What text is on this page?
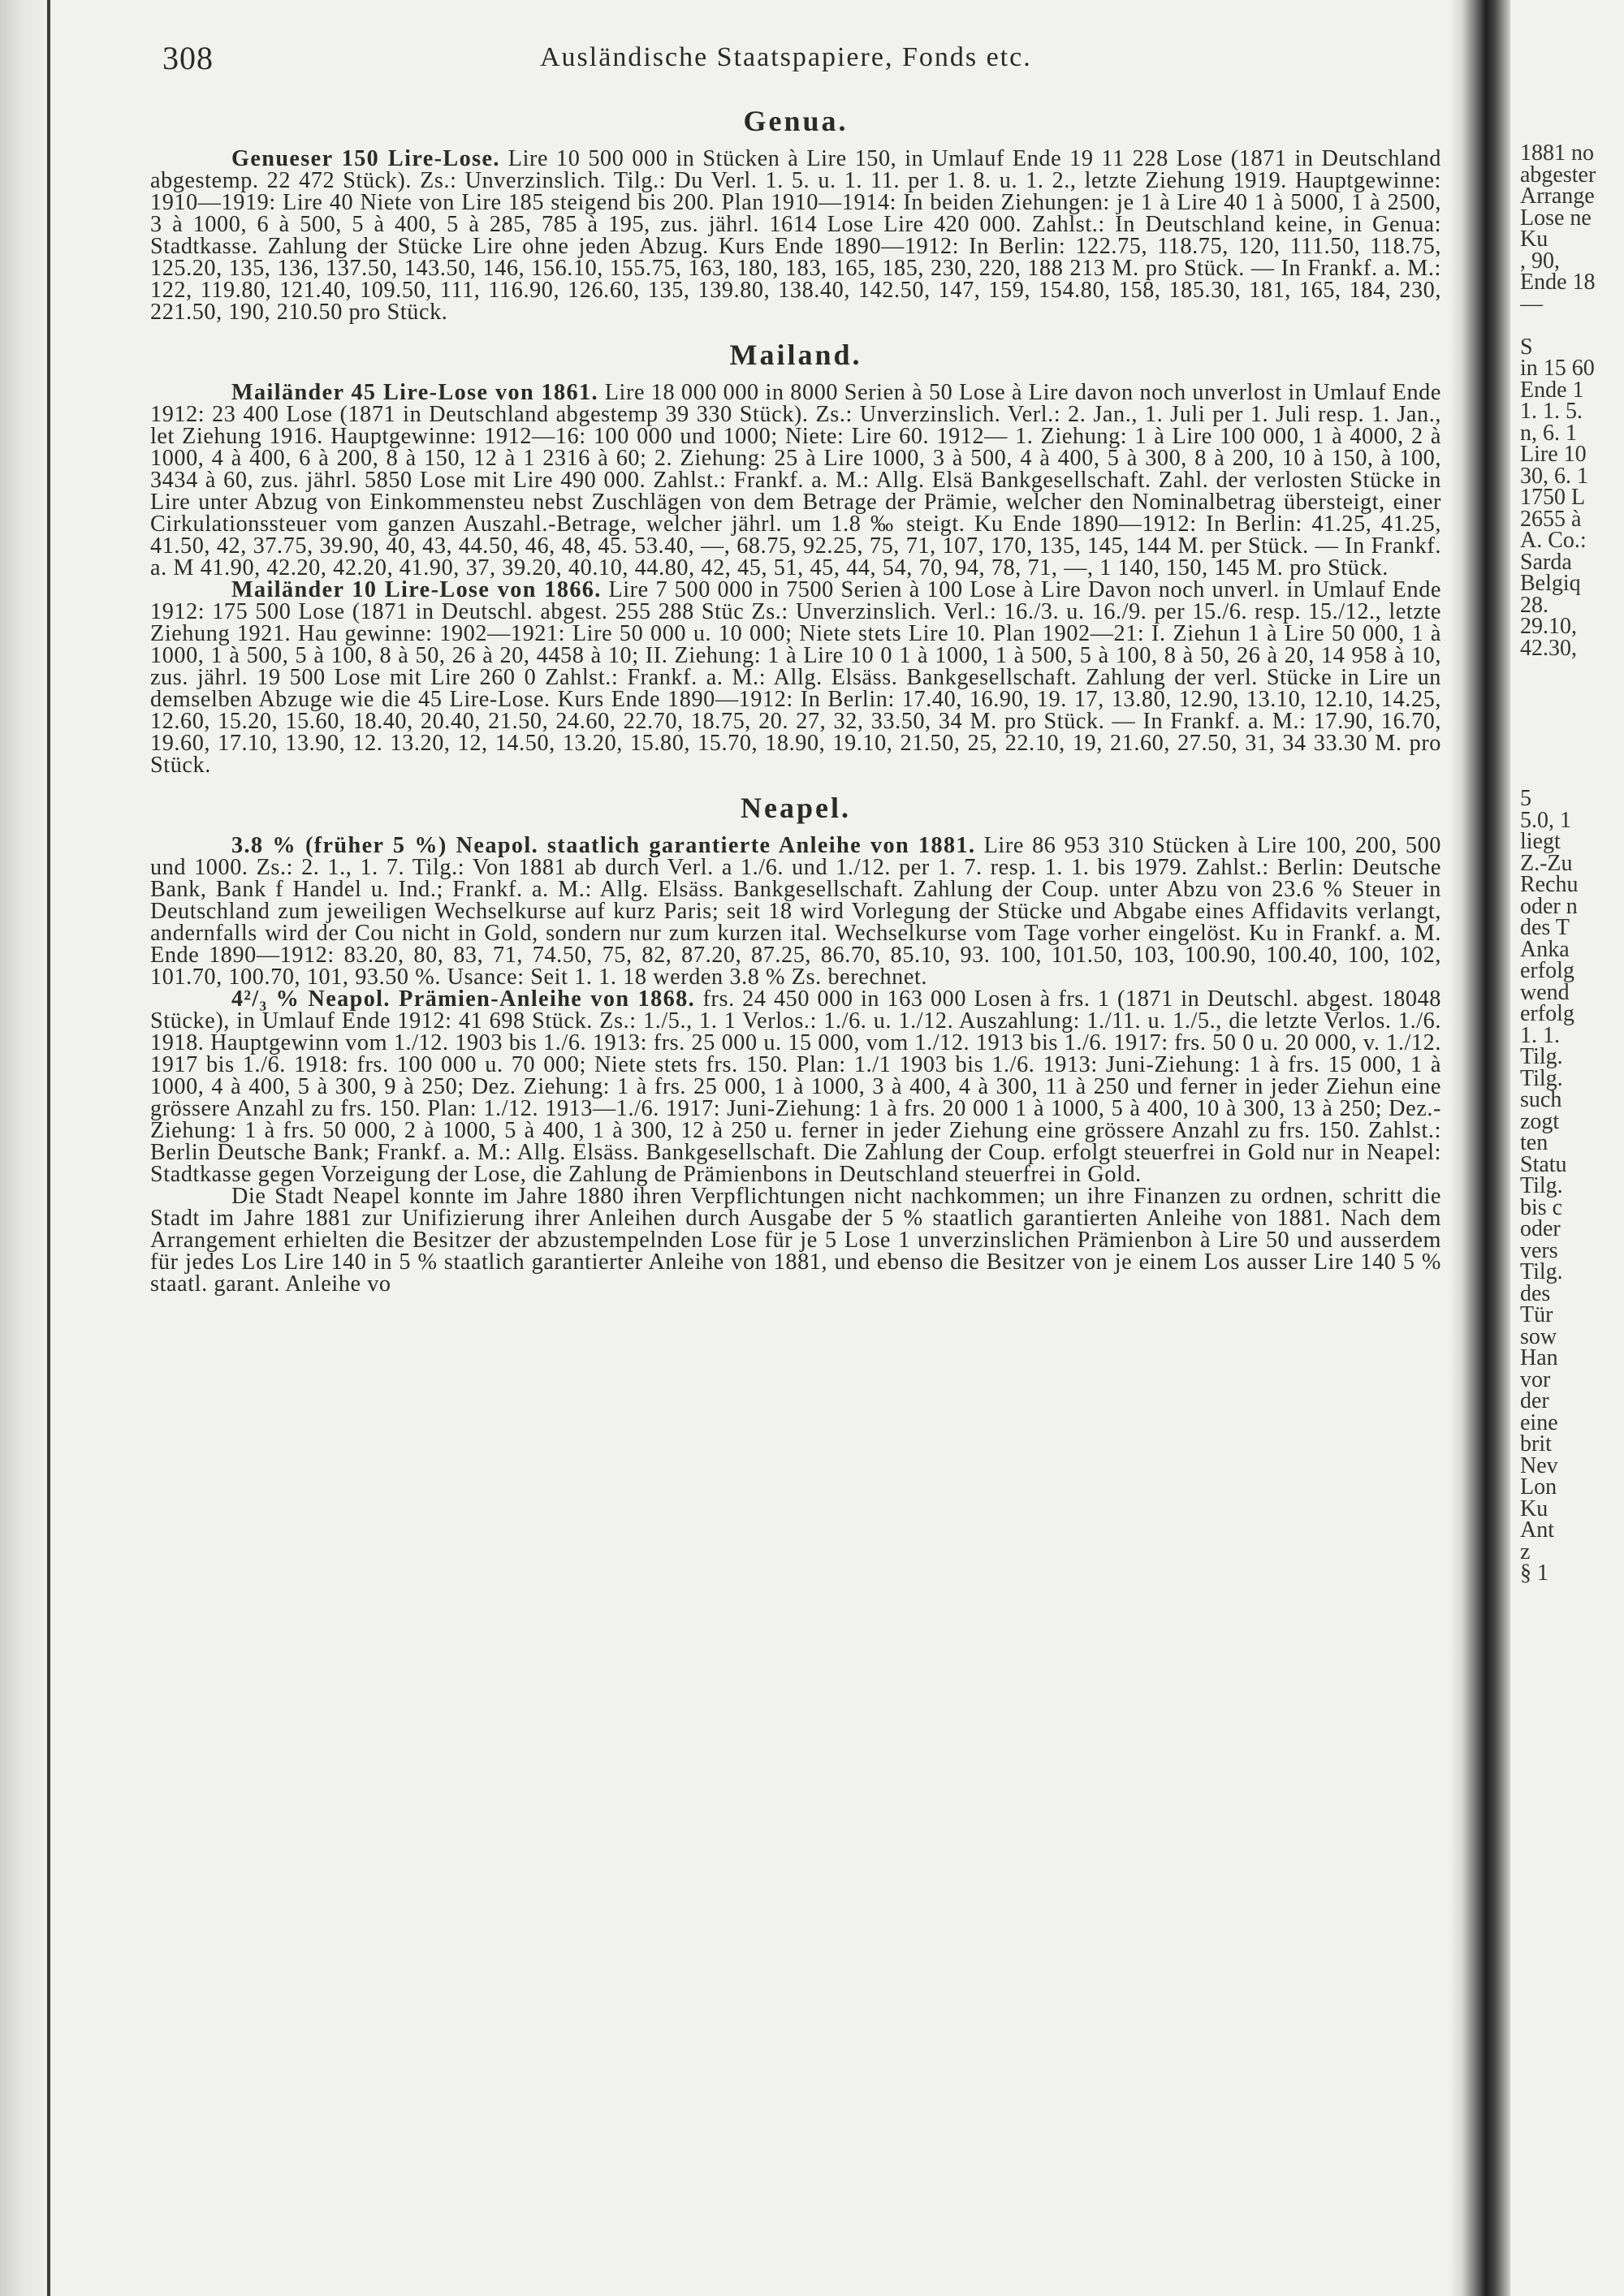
308	Ausländische Staatspapiere, Fonds etc.
Genua.

Genueser 150 Lire-Lose. Lire 10 500 000 in Stücken à Lire 150, in Umlauf Ende 19 11 228 Lose (1871 in Deutschland abgestemp. 22 472 Stück). Zs.: Unverzinslich. Tilg.: Du Verl. 1. 5. u. 1. 11. per 1. 8. u. 1. 2., letzte Ziehung 1919. Hauptgewinne: 1910—1919: Lire 40 Niete von Lire 185 steigend bis 200. Plan 1910—1914: In beiden Ziehungen: je 1 à Lire 40 1 à 5000, 1 à 2500, 3 à 1000, 6 à 500, 5 à 400, 5 à 285, 785 à 195, zus. jährl. 1614 Lose Lire 420 000. Zahlst.: In Deutschland keine, in Genua: Stadtkasse. Zahlung der Stücke Lire ohne jeden Abzug. Kurs Ende 1890—1912: In Berlin: 122.75, 118.75, 120, 111.50, 118.75, 125.20, 135, 136, 137.50, 143.50, 146, 156.10, 155.75, 163, 180, 183, 165, 185, 230, 220, 188 213 M. pro Stück. — In Frankf. a. M.: 122, 119.80, 121.40, 109.50, 111, 116.90, 126.60, 135, 139.80, 138.40, 142.50, 147, 159, 154.80, 158, 185.30, 181, 165, 184, 230, 221.50, 190, 210.50 pro Stück.

Mailand.

Mailänder 45 Lire-Lose von 1861. Lire 18 000 000 in 8000 Serien à 50 Lose à Lire davon noch unverlost in Umlauf Ende 1912: 23 400 Lose (1871 in Deutschland abgestemp 39 330 Stück). Zs.: Unverzinslich. Verl.: 2. Jan., 1. Juli per 1. Juli resp. 1. Jan., let Ziehung 1916. Hauptgewinne: 1912—16: 100 000 und 1000; Niete: Lire 60. 1912— 1. Ziehung: 1 à Lire 100 000, 1 à 4000, 2 à 1000, 4 à 400, 6 à 200, 8 à 150, 12 à 1 2316 à 60; 2. Ziehung: 25 à Lire 1000, 3 à 500, 4 à 400, 5 à 300, 8 à 200, 10 à 150, à 100, 3434 à 60, zus. jährl. 5850 Lose mit Lire 490 000. Zahlst.: Frankf. a. M.: Allg. Elsä Bankgesellschaft. Zahl. der verlosten Stücke in Lire unter Abzug von Einkommensteu nebst Zuschlägen von dem Betrage der Prämie, welcher den Nominalbetrag übersteigt, einer Cirkulationssteuer vom ganzen Auszahl.-Betrage, welcher jährl. um 1.8 ‰ steigt. Ku Ende 1890—1912: In Berlin: 41.25, 41.25, 41.50, 42, 37.75, 39.90, 40, 43, 44.50, 46, 48, 45. 53.40, —, 68.75, 92.25, 75, 71, 107, 170, 135, 145, 144 M. per Stück. — In Frankf. a. M 41.90, 42.20, 42.20, 41.90, 37, 39.20, 40.10, 44.80, 42, 45, 51, 45, 44, 54, 70, 94, 78, 71, —, 1 140, 150, 145 M. pro Stück.

Mailänder 10 Lire-Lose von 1866. Lire 7 500 000 in 7500 Serien à 100 Lose à Lire Davon noch unverl. in Umlauf Ende 1912: 175 500 Lose (1871 in Deutschl. abgest. 255 288 Stüc Zs.: Unverzinslich. Verl.: 16./3. u. 16./9. per 15./6. resp. 15./12., letzte Ziehung 1921. Hau gewinne: 1902—1921: Lire 50 000 u. 10 000; Niete stets Lire 10. Plan 1902—21: I. Ziehun 1 à Lire 50 000, 1 à 1000, 1 à 500, 5 à 100, 8 à 50, 26 à 20, 4458 à 10; II. Ziehung: 1 à Lire 10 0 1 à 1000, 1 à 500, 5 à 100, 8 à 50, 26 à 20, 14 958 à 10, zus. jährl. 19 500 Lose mit Lire 260 0 Zahlst.: Frankf. a. M.: Allg. Elsäss. Bankgesellschaft. Zahlung der verl. Stücke in Lire un demselben Abzuge wie die 45 Lire-Lose. Kurs Ende 1890—1912: In Berlin: 17.40, 16.90, 19. 17, 13.80, 12.90, 13.10, 12.10, 14.25, 12.60, 15.20, 15.60, 18.40, 20.40, 21.50, 24.60, 22.70, 18.75, 20. 27, 32, 33.50, 34 M. pro Stück. — In Frankf. a. M.: 17.90, 16.70, 19.60, 17.10, 13.90, 12. 13.20, 12, 14.50, 13.20, 15.80, 15.70, 18.90, 19.10, 21.50, 25, 22.10, 19, 21.60, 27.50, 31, 34 33.30 M. pro Stück.

Neapel.

3.8 % (früher 5 %) Neapol. staatlich garantierte Anleihe von 1881. Lire 86 953 310 Stücken à Lire 100, 200, 500 und 1000. Zs.: 2. 1., 1. 7. Tilg.: Von 1881 ab durch Verl. a 1./6. und 1./12. per 1. 7. resp. 1. 1. bis 1979. Zahlst.: Berlin: Deutsche Bank, Bank f Handel u. Ind.; Frankf. a. M.: Allg. Elsäss. Bankgesellschaft. Zahlung der Coup. unter Abzu von 23.6 % Steuer in Deutschland zum jeweiligen Wechselkurse auf kurz Paris; seit 18 wird Vorlegung der Stücke und Abgabe eines Affidavits verlangt, andernfalls wird der Cou nicht in Gold, sondern nur zum kurzen ital. Wechselkurse vom Tage vorher eingelöst. Ku in Frankf. a. M. Ende 1890—1912: 83.20, 80, 83, 71, 74.50, 75, 82, 87.20, 87.25, 86.70, 85.10, 93. 100, 101.50, 103, 100.90, 100.40, 100, 102, 101.70, 100.70, 101, 93.50 %. Usance: Seit 1. 1. 18 werden 3.8 % Zs. berechnet.

4²/₃ % Neapol. Prämien-Anleihe von 1868. frs. 24 450 000 in 163 000 Losen à frs. 1 (1871 in Deutschl. abgest. 18048 Stücke), in Umlauf Ende 1912: 41 698 Stück. Zs.: 1./5., 1. 1 Verlos.: 1./6. u. 1./12. Auszahlung: 1./11. u. 1./5., die letzte Verlos. 1./6. 1918. Hauptgewinn vom 1./12. 1903 bis 1./6. 1913: frs. 25 000 u. 15 000, vom 1./12. 1913 bis 1./6. 1917: frs. 50 0 u. 20 000, v. 1./12. 1917 bis 1./6. 1918: frs. 100 000 u. 70 000; Niete stets frs. 150. Plan: 1./1 1903 bis 1./6. 1913: Juni-Ziehung: 1 à frs. 15 000, 1 à 1000, 4 à 400, 5 à 300, 9 à 250; Dez. Ziehung: 1 à frs. 25 000, 1 à 1000, 3 à 400, 4 à 300, 11 à 250 und ferner in jeder Ziehun eine grössere Anzahl zu frs. 150. Plan: 1./12. 1913—1./6. 1917: Juni-Ziehung: 1 à frs. 20 000 1 à 1000, 5 à 400, 10 à 300, 13 à 250; Dez.-Ziehung: 1 à frs. 50 000, 2 à 1000, 5 à 400, 1 à 300, 12 à 250 u. ferner in jeder Ziehung eine grössere Anzahl zu frs. 150. Zahlst.: Berlin Deutsche Bank; Frankf. a. M.: Allg. Elsäss. Bankgesellschaft. Die Zahlung der Coup. erfolgt steuerfrei in Gold nur in Neapel: Stadtkasse gegen Vorzeigung der Lose, die Zahlung de Prämienbons in Deutschland steuerfrei in Gold.

Die Stadt Neapel konnte im Jahre 1880 ihren Verpflichtungen nicht nachkommen; un ihre Finanzen zu ordnen, schritt die Stadt im Jahre 1881 zur Unifizierung ihrer Anleihen durch Ausgabe der 5 % staatlich garantierten Anleihe von 1881. Nach dem Arrangement erhielten die Besitzer der abzustempelnden Lose für je 5 Lose 1 unverzinslichen Prämienbon à Lire 50 und ausserdem für jedes Los Lire 140 in 5 % staatlich garantierter Anleihe von 1881, und ebenso die Besitzer von je einem Los ausser Lire 140 5 % staatl. garant. Anleihe vo

1881 no
abgester
Arrange
Lose ne
Ku
, 90,
Ende 18
—
S
in 15 60
Ende 1
1. 1. 5.
n, 6. 1
Lire 10
30, 6. 1
1750 L
2655 à
A. Co.:
Sarda
Belgiq
28.
29.10,
42.30,
5
5.0, 1
liegt
Z.-Zu
Rechu
oder n
des T
Anka
erfolg
wend
erfolg
1. 1.
Tilg.
Tilg.
such
zogt
ten
Statu
Tilg.
bis c
oder
vers
Tilg.
des
Tür
sow
Han
vor
der
eine
brit
Nev
Lon
Ku
Ant
z
§ 1
